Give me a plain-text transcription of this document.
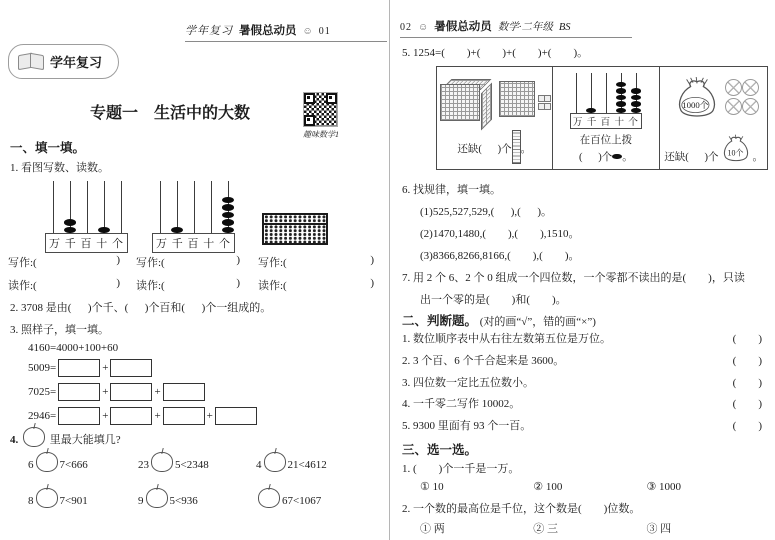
学年复习 暑假总动员 ☺ 01
学年复习
专题一　生活中的大数
趣味数学1
一、填一填。
1. 看图写数、读数。
万 千 百 十 个	万 千 百 十 个
写作:(	) 写作:(	) 写作:(	)
读作:(	) 读作:(	) 读作:(	)
2. 3708 是由(      )个千、(      )个百和(      )个一组成的。
3. 照样子，填一填。
4160=4000+100+60
5009=	+
7025=	+	+
2946=	+	+	+
4.	里最大能填几?
6 7<666	23 5<2348	4 21<4612
8 7<901	9 5<936	67<1067
02 ☺ 暑假总动员 数学·二年级 BS
5. 1254=(        )+(        )+(        )+(        )。
还缺(      )个 。
万 千 百 十 个
在百位上拨
(      )个 。
1000个
还缺(      )个 10个 。
6. 找规律，填一填。
(1)525,527,529,(      ),(      )。
(2)1470,1480,(        ),(        ),1510。
(3)8366,8266,8166,(        ),(        )。
7. 用 2 个 6、2 个 0 组成一个四位数，一个零都不读出的是(        )，只读
出一个零的是(        )和(        )。
二、判断题。 (对的画“√”，错的画“×”)
1. 数位顺序表中从右往左数第五位是万位。	(　　)
2. 3 个百、6 个千合起来是 3600。	(　　)
3. 四位数一定比五位数小。	(　　)
4. 一千零二写作 10002。	(　　)
5. 9300 里面有 93 个一百。	(　　)
三、选一选。
1. (　　)个一千是一万。
① 10	② 100	③ 1000
2. 一个数的最高位是千位，这个数是(　　)位数。
① 两	② 三	③ 四
